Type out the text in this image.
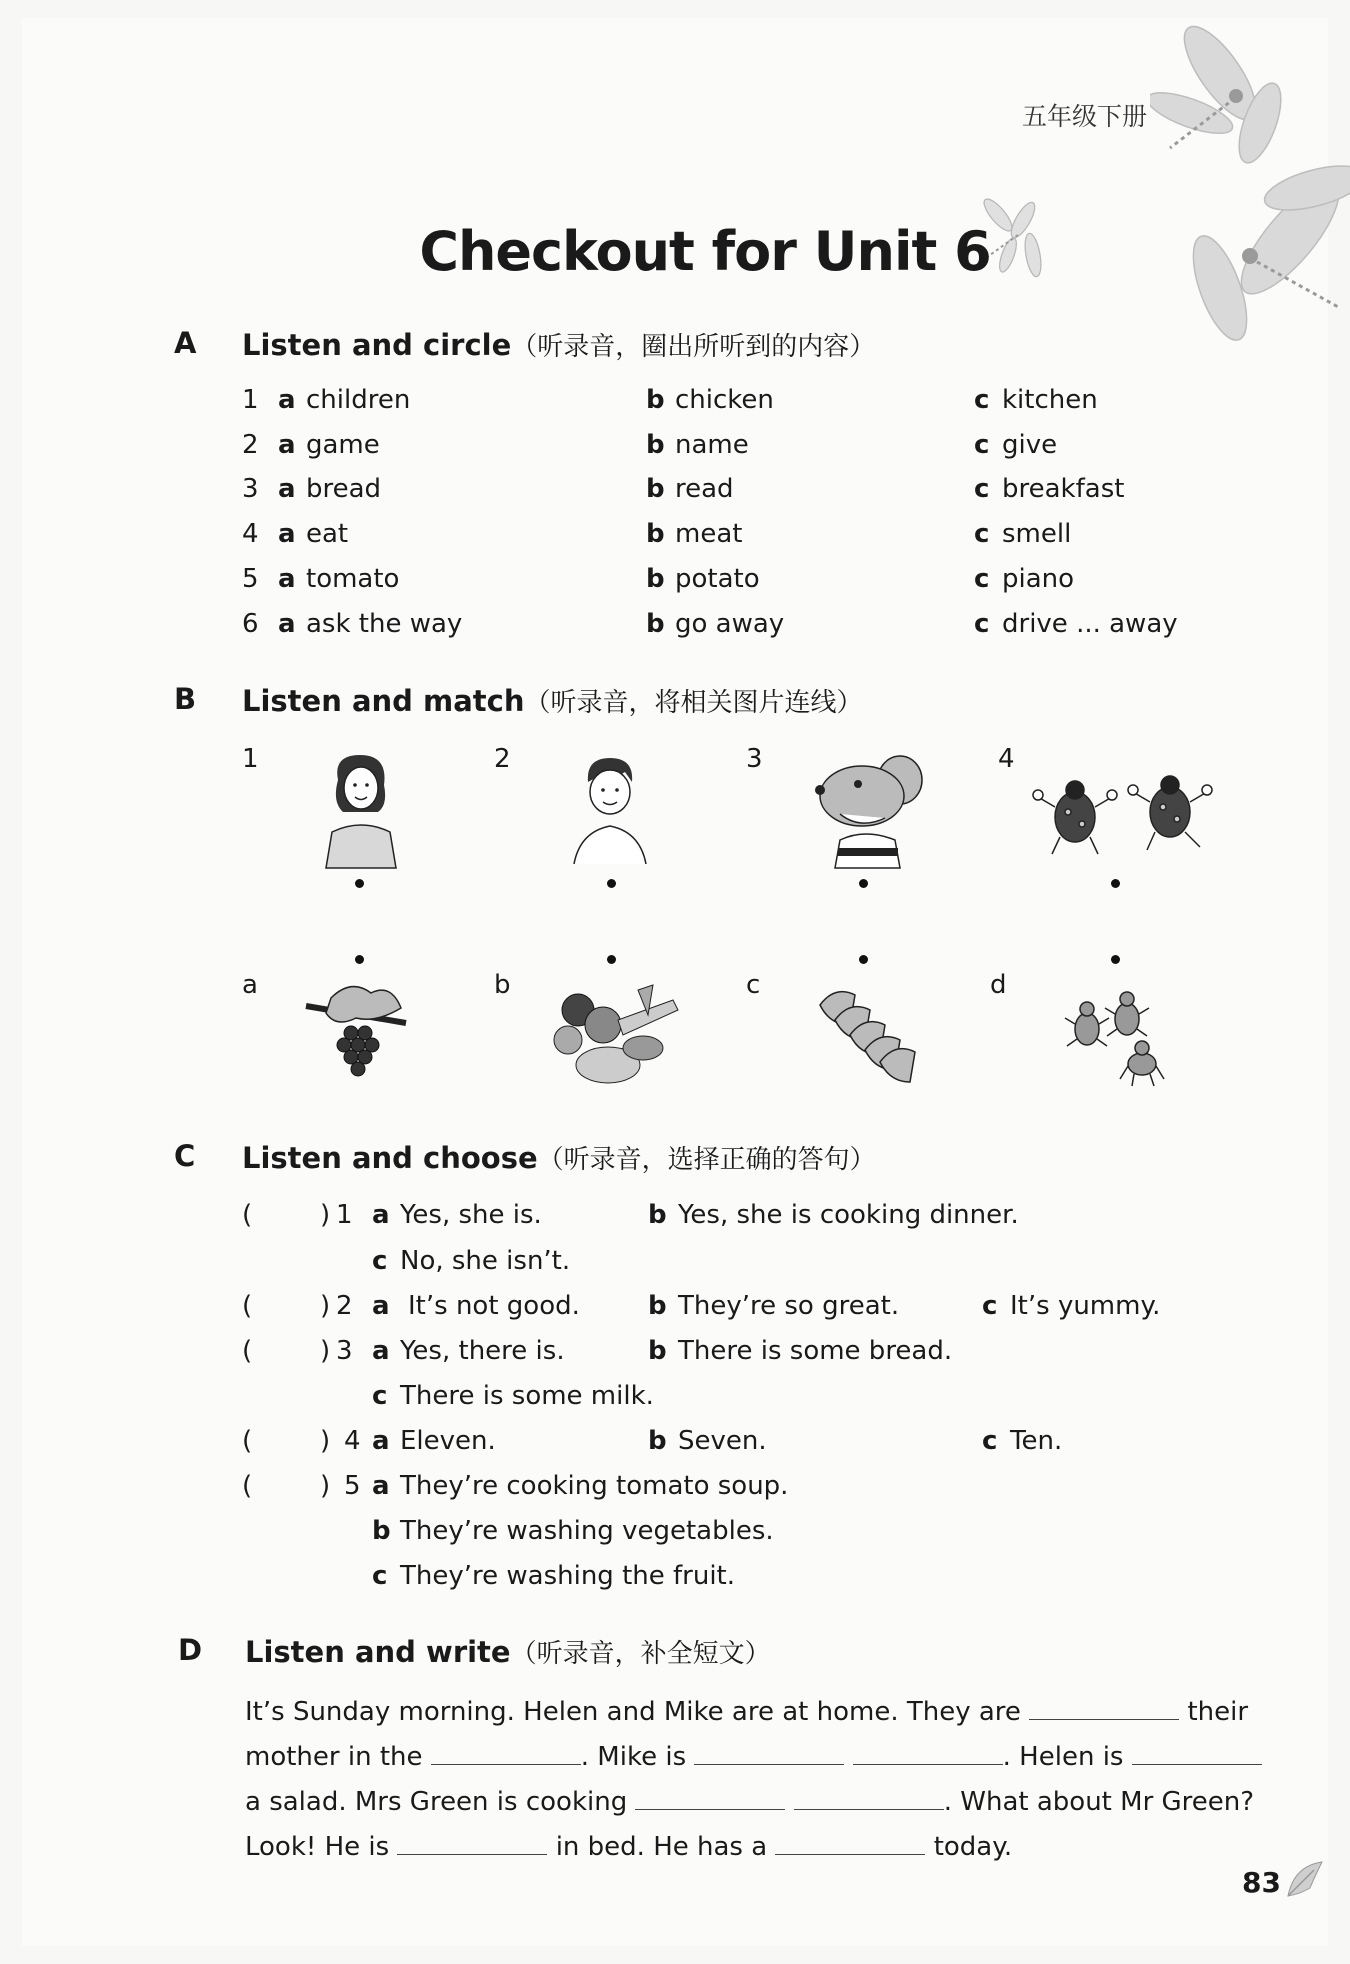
五年级下册
Checkout for Unit 6
A Listen and circle（听录音，圈出所听到的内容）
1 a children	b chicken	c kitchen
2 a game	b name	c give
3 a bread	b read	c breakfast
4 a eat	b meat	c smell
5 a tomato	b potato	c piano
6 a ask the way	b go away	c drive ... away
B Listen and match（听录音，将相关图片连线）
1	2	3	4
a	b	c	d
C Listen and choose（听录音，选择正确的答句）
(	) 1 a Yes, she is.	b Yes, she is cooking dinner.
c No, she isn’t.
(	) 2 a It’s not good.	b They’re so great.	c It’s yummy.
(	) 3 a Yes, there is.	b There is some bread.
c There is some milk.
(	) 4 a Eleven.	b Seven.	c Ten.
(	) 5 a They’re cooking tomato soup.
b They’re washing vegetables.
c They’re washing the fruit.
D Listen and write（听录音，补全短文）
It’s Sunday morning. Helen and Mike are at home. They are	their
mother in the	. Mike is	. Helen is
a salad. Mrs Green is cooking	. What about Mr Green?
Look! He is	in bed. He has a	today.
83
